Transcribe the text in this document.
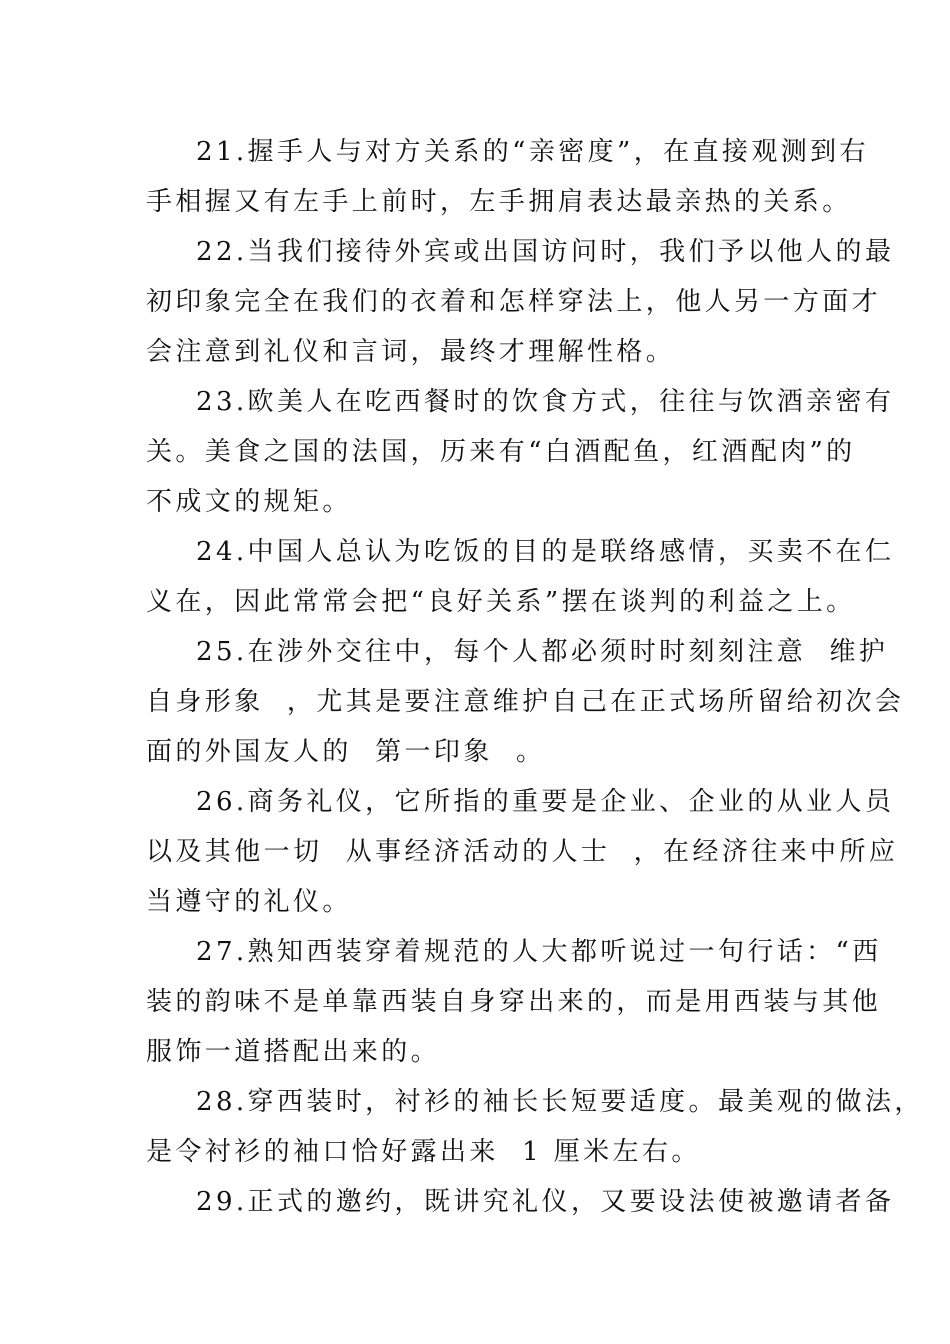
21.握手人与对方关系的“亲密度”，在直接观测到右
手相握又有左手上前时，左手拥肩表达最亲热的关系。
22.当我们接待外宾或出国访问时，我们予以他人的最
初印象完全在我们的衣着和怎样穿法上，他人另一方面才
会注意到礼仪和言词，最终才理解性格。
23.欧美人在吃西餐时的饮食方式，往往与饮酒亲密有
关。美食之国的法国，历来有“白酒配鱼，红酒配肉”的
不成文的规矩。
24.中国人总认为吃饭的目的是联络感情，买卖不在仁
义在，因此常常会把“良好关系”摆在谈判的利益之上。
25.在涉外交往中，每个人都必须时时刻刻注意  维护
自身形象  ，尤其是要注意维护自己在正式场所留给初次会
面的外国友人的  第一印象  。
26.商务礼仪，它所指的重要是企业、企业的从业人员
以及其他一切  从事经济活动的人士  ，在经济往来中所应
当遵守的礼仪。
27.熟知西装穿着规范的人大都听说过一句行话：“西
装的韵味不是单靠西装自身穿出来的，而是用西装与其他
服饰一道搭配出来的。
28.穿西装时，衬衫的袖长长短要适度。最美观的做法，
是令衬衫的袖口恰好露出来  1 厘米左右。
29.正式的邀约，既讲究礼仪，又要设法使被邀请者备
